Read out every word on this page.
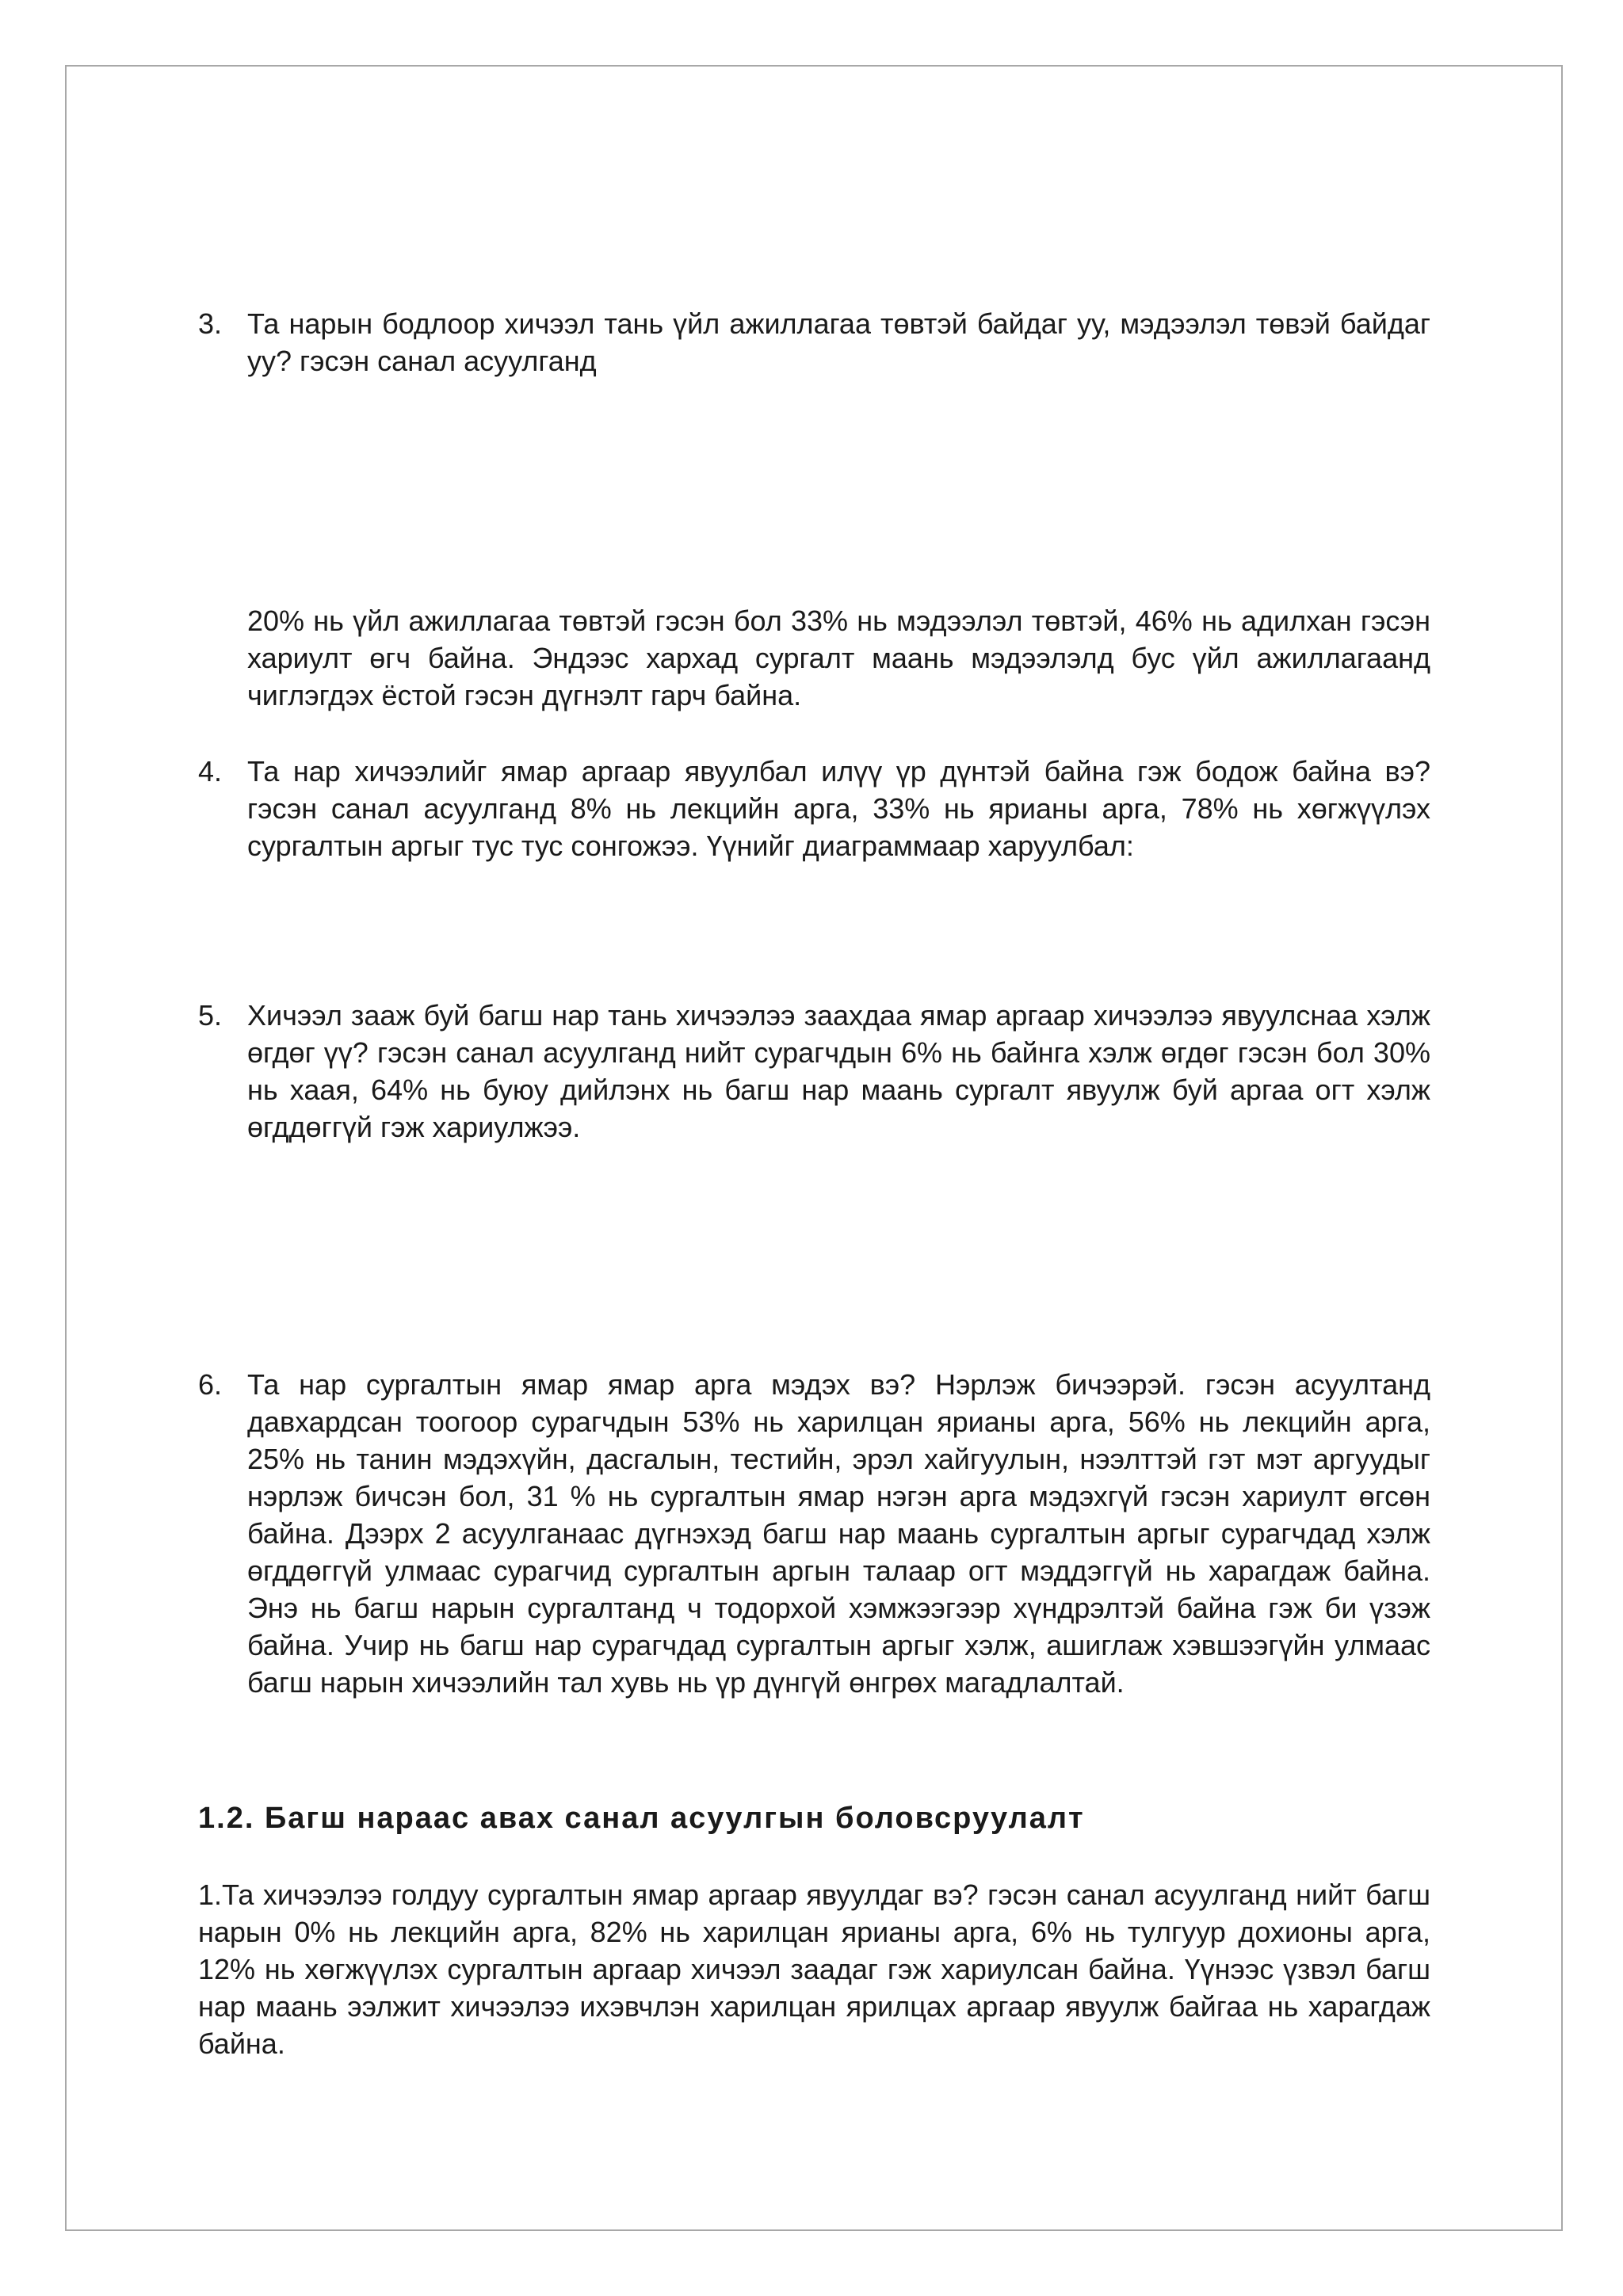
3. Та нарын бодлоор хичээл тань үйл ажиллагаа төвтэй байдаг уу, мэдээлэл төвэй байдаг уу? гэсэн санал асуулганд
20% нь үйл ажиллагаа төвтэй гэсэн бол 33% нь мэдээлэл төвтэй, 46% нь адилхан гэсэн хариулт өгч байна. Эндээс хархад сургалт маань мэдээлэлд бус үйл ажиллагаанд чиглэгдэх ёстой гэсэн дүгнэлт гарч байна.
4. Та нар хичээлийг ямар аргаар явуулбал илүү үр дүнтэй байна гэж бодож байна вэ? гэсэн санал асуулганд 8% нь лекцийн арга, 33% нь ярианы арга, 78% нь хөгжүүлэх сургалтын аргыг тус тус сонгожээ. Үүнийг диаграммаар харуулбал:
5. Хичээл зааж буй багш нар тань хичээлээ заахдаа ямар аргаар хичээлээ явуулснаа хэлж өгдөг үү? гэсэн санал асуулганд нийт сурагчдын 6% нь байнга хэлж өгдөг гэсэн бол 30% нь хаая, 64% нь буюу дийлэнх нь багш нар маань сургалт явуулж буй аргаа огт хэлж өгддөггүй гэж хариулжээ.
6. Та нар сургалтын ямар ямар арга мэдэх вэ? Нэрлэж бичээрэй. гэсэн асуултанд давхардсан тоогоор сурагчдын 53% нь харилцан ярианы арга, 56% нь лекцийн арга, 25% нь танин мэдэхүйн, дасгалын, тестийн, эрэл хайгуулын, нээлттэй гэт мэт аргуудыг нэрлэж бичсэн бол, 31 % нь сургалтын ямар нэгэн арга мэдэхгүй гэсэн хариулт өгсөн байна. Дээрх 2 асуулганаас дүгнэхэд багш нар маань сургалтын аргыг сурагчдад хэлж өгддөггүй улмаас сурагчид сургалтын аргын талаар огт мэддэггүй нь харагдаж байна. Энэ нь багш нарын сургалтанд ч тодорхой хэмжээгээр хүндрэлтэй байна гэж би үзэж байна. Учир нь багш нар сурагчдад сургалтын аргыг хэлж, ашиглаж хэвшээгүйн улмаас багш нарын хичээлийн тал хувь нь үр дүнгүй өнгрөх магадлалтай.
1.2. Багш нараас авах санал асуулгын боловсруулалт
1.Та хичээлээ голдуу сургалтын ямар аргаар явуулдаг вэ? гэсэн санал асуулганд нийт багш нарын 0% нь лекцийн арга, 82% нь харилцан ярианы арга, 6% нь тулгуур дохионы арга, 12% нь хөгжүүлэх сургалтын аргаар хичээл заадаг гэж хариулсан байна. Үүнээс үзвэл багш нар маань ээлжит хичээлээ ихэвчлэн харилцан ярилцах аргаар явуулж байгаа нь харагдаж байна.
